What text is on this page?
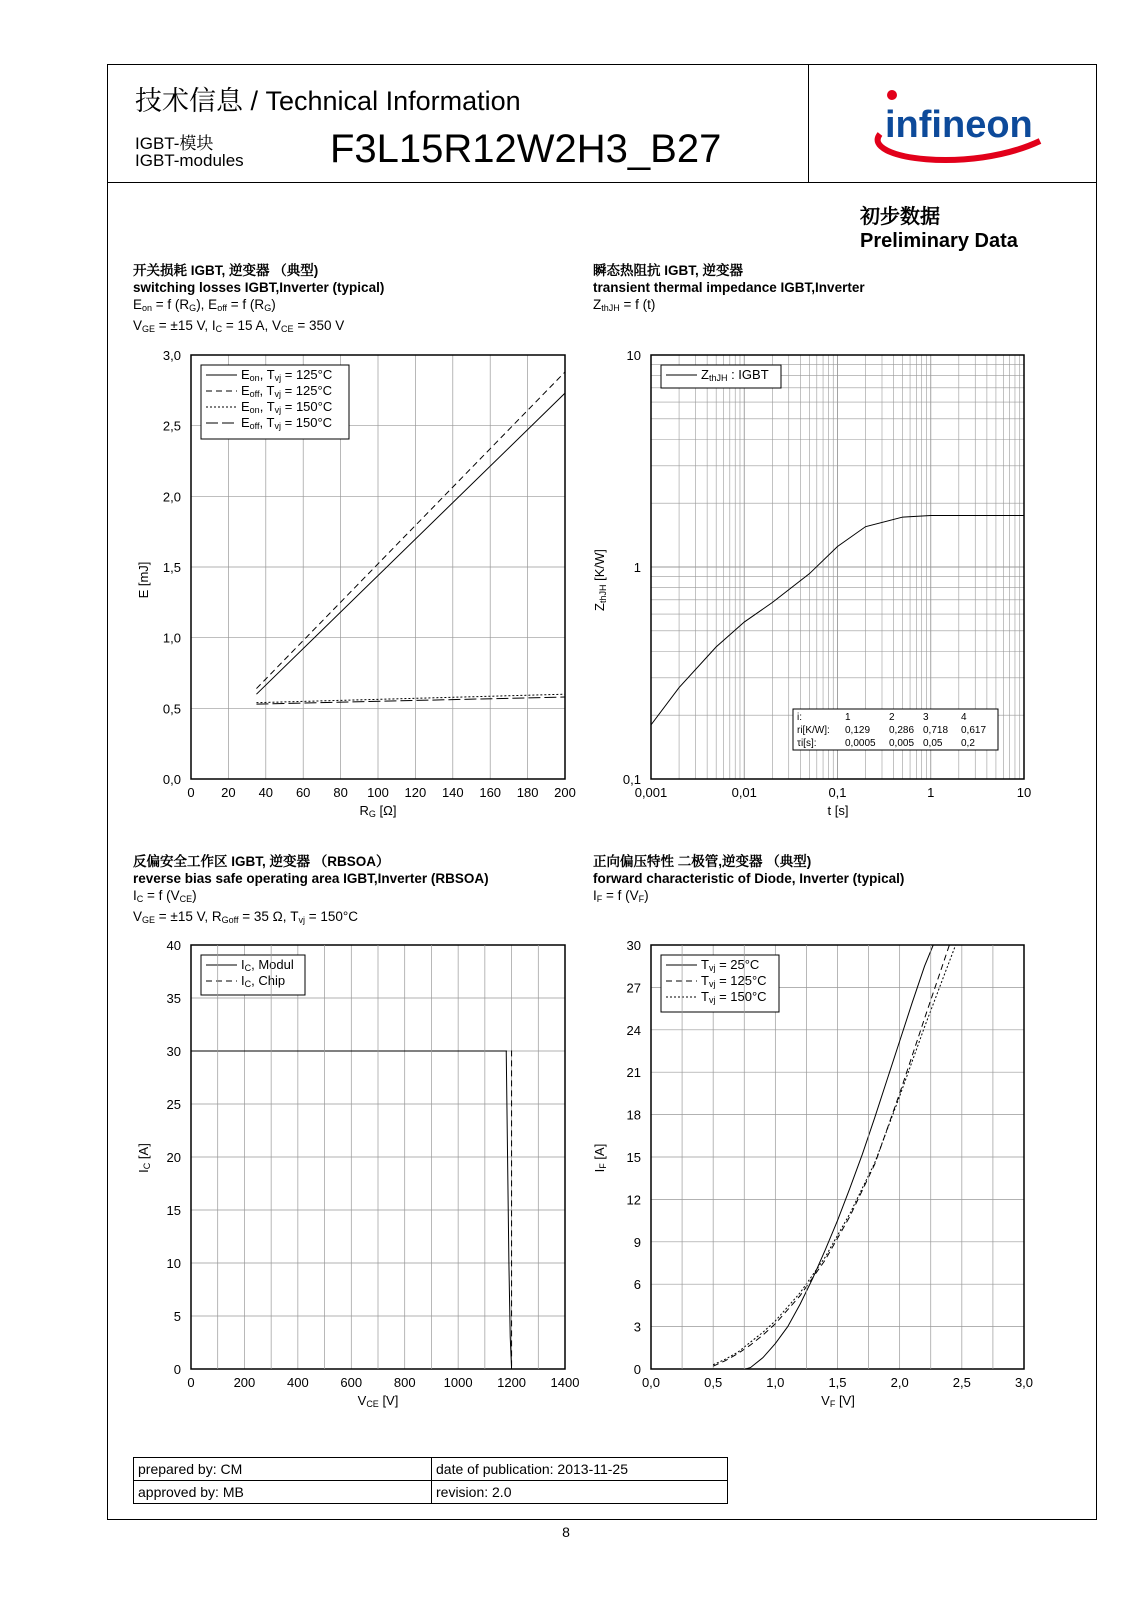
技术信息 / Technical Information
IGBT-模块
IGBT-modules F3L15R12W2H3_B27
infineon
初步数据
Preliminary Data
开关损耗 IGBT, 逆变器 （典型)
switching losses IGBT,Inverter (typical)
$E_{on} = f$ $(R_G)$, $E_{off} = f$ $(R_G)$
$V_{GE} = \pm 15$ V, $I_C = 15$ A, $V_{CE} = 350$ V
瞬态热阻抗 IGBT, 逆变器
transient thermal impedance IGBT,Inverter
$Z_{thJH} = f$ (t)
反偏安全工作区 IGBT, 逆变器 （RBSOA）
reverse bias safe operating area IGBT,Inverter (RBSOA)
$I_C = f$ $(V_{CE})$
$V_{GE} = \pm 15$ V, $R_{Goff} = 35$ Ω, $T_{vj} = 150^\circ C$
正向偏压特性 二极管,逆变器 （典型)
forward characteristic of Diode, Inverter (typical)
$I_F = f$ $(V_F)$
E [mJ]
RG [Ω]
0 20 40 60 80 100 120 140 160 180 200
0,0
0,5
1,0
1,5
2,0
2,5
3,0
Eon, Tvj = 125°C
Eoff, Tvj = 125°C
Eon, Tvj = 150°C
Eoff, Tvj = 150°C
ZthJH [K/W]
t [s]
0,001	0,01	0,1	1	10
0,1
1
10
ZthJH : IGBT
i:	1	2	3	4
ri[K/W]: 0,129 0,286 0,718 0,617
τi[s]:	0,0005 0,005 0,05 0,2
IC [A]
VCE [V]
0	200 400 600 800 1000 1200 1400
0
5
10
15
20
25
30
35
40
IC, Modul
IC, Chip
IF [A]
VF [V]
0,0	0,5	1,0	1,5	2,0	2,5	3,0
0
3
6
9
12
15
18
21
24
27
30
Tvj = 25°C
Tvj = 125°C
Tvj = 150°C
prepared by: CM	date of publication: 2013-11-25
approved by: MB	revision: 2.0
8
